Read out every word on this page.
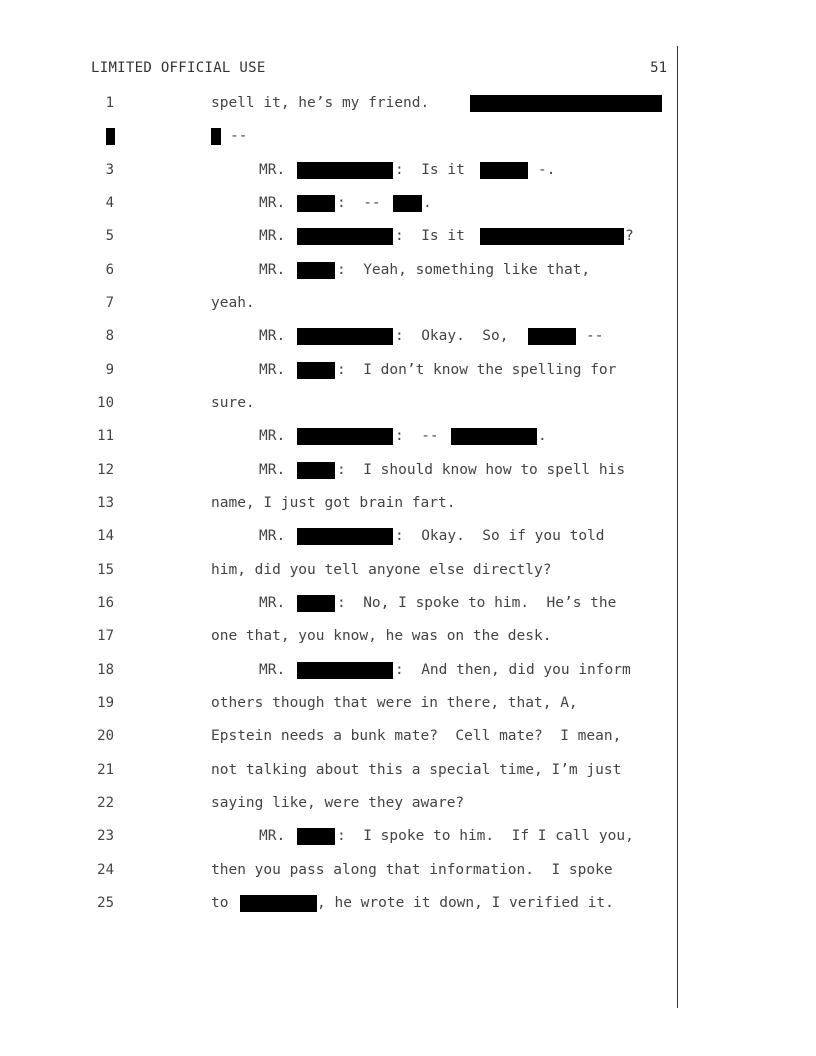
LIMITED OFFICIAL USE	51
1	spell it, he’s my friend.
--
3	MR.	:  Is it	-.
4	MR.	:  --	.
5	MR.	:  Is it	?
6	MR.	:  Yeah, something like that,
7	yeah.
8	MR.	:  Okay.  So,	--
9	MR.	:  I don’t know the spelling for
10	sure.
11	MR.	:  --	.
12	MR.	:  I should know how to spell his
13	name, I just got brain fart.
14	MR.	:  Okay.  So if you told
15	him, did you tell anyone else directly?
16	MR.	:  No, I spoke to him.  He’s the
17	one that, you know, he was on the desk.
18	MR.	:  And then, did you inform
19	others though that were in there, that, A,
20	Epstein needs a bunk mate?  Cell mate?  I mean,
21	not talking about this a special time, I’m just
22	saying like, were they aware?
23	MR.	:  I spoke to him.  If I call you,
24	then you pass along that information.  I spoke
25	to	, he wrote it down, I verified it.
